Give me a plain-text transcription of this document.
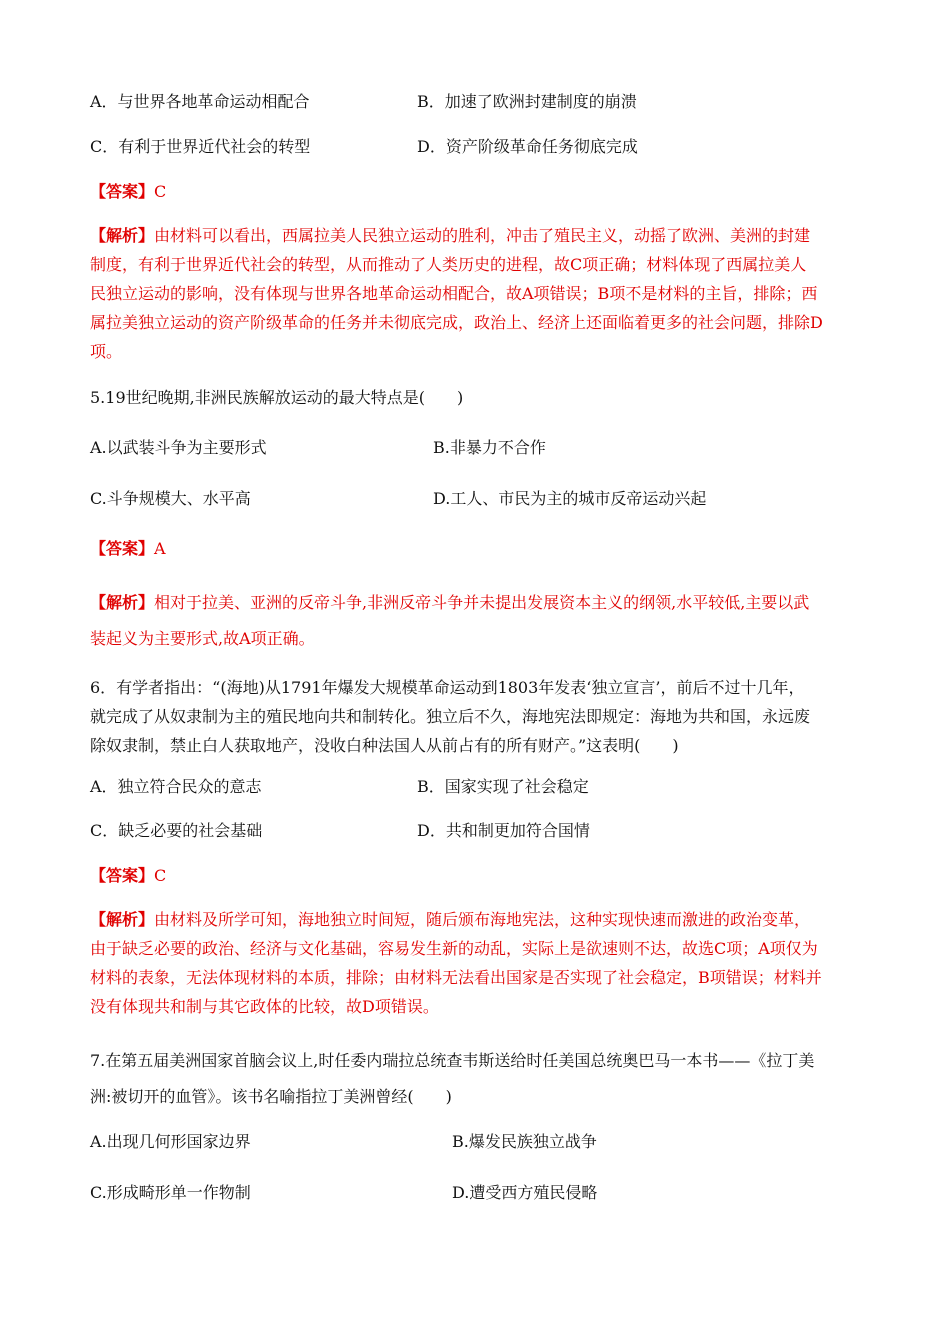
A．与世界各地革命运动相配合	B．加速了欧洲封建制度的崩溃
C．有利于世界近代社会的转型	D．资产阶级革命任务彻底完成
【答案】C
【解析】由材料可以看出，西属拉美人民独立运动的胜利，冲击了殖民主义，动摇了欧洲、美洲的封建
制度，有利于世界近代社会的转型，从而推动了人类历史的进程，故C项正确；材料体现了西属拉美人
民独立运动的影响，没有体现与世界各地革命运动相配合，故A项错误；B项不是材料的主旨，排除；西
属拉美独立运动的资产阶级革命的任务并未彻底完成，政治上、经济上还面临着更多的社会问题，排除D
项。
5.19世纪晚期,非洲民族解放运动的最大特点是(　　)
A.以武装斗争为主要形式	B.非暴力不合作
C.斗争规模大、水平高	D.工人、市民为主的城市反帝运动兴起
【答案】A
【解析】相对于拉美、亚洲的反帝斗争,非洲反帝斗争并未提出发展资本主义的纲领,水平较低,主要以武
装起义为主要形式,故A项正确。
6．有学者指出：“(海地)从1791年爆发大规模革命运动到1803年发表‘独立宣言’，前后不过十几年，
就完成了从奴隶制为主的殖民地向共和制转化。独立后不久，海地宪法即规定：海地为共和国，永远废
除奴隶制，禁止白人获取地产，没收白种法国人从前占有的所有财产。”这表明(　　)
A．独立符合民众的意志	B．国家实现了社会稳定
C．缺乏必要的社会基础	D．共和制更加符合国情
【答案】C
【解析】由材料及所学可知，海地独立时间短，随后颁布海地宪法，这种实现快速而激进的政治变革，
由于缺乏必要的政治、经济与文化基础，容易发生新的动乱，实际上是欲速则不达，故选C项；A项仅为
材料的表象，无法体现材料的本质，排除；由材料无法看出国家是否实现了社会稳定，B项错误；材料并
没有体现共和制与其它政体的比较，故D项错误。
7.在第五届美洲国家首脑会议上,时任委内瑞拉总统查韦斯送给时任美国总统奥巴马一本书——《拉丁美
洲:被切开的血管》。该书名喻指拉丁美洲曾经(　　)
A.出现几何形国家边界	B.爆发民族独立战争
C.形成畸形单一作物制	D.遭受西方殖民侵略
